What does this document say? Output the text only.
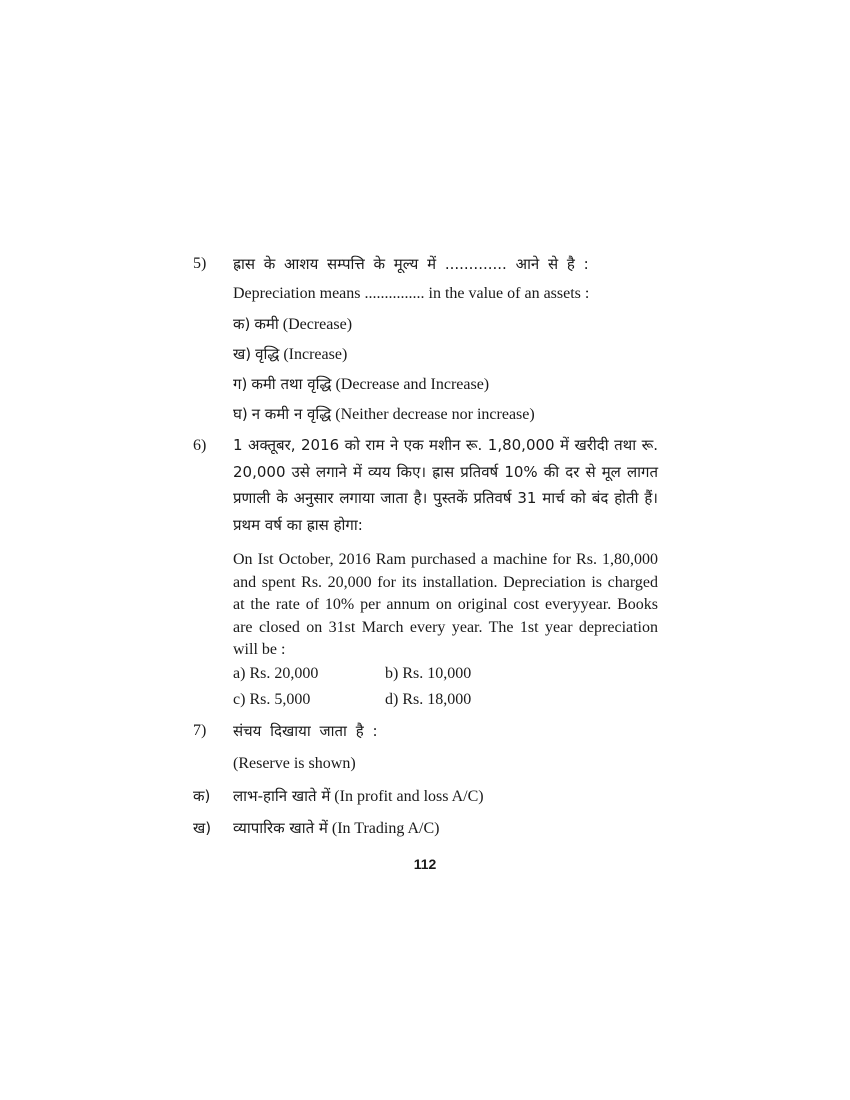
5) ह्रास के आशय सम्पत्ति के मूल्य में ............. आने से है :
Depreciation means ............... in the value of an assets :
क) कमी (Decrease)
ख) वृद्धि (Increase)
ग) कमी तथा वृद्धि (Decrease and Increase)
घ) न कमी न वृद्धि (Neither decrease nor increase)
6) 1 अक्तूबर, 2016 को राम ने एक मशीन रू. 1,80,000 में खरीदी तथा रू. 20,000 उसे लगाने में व्यय किए। ह्रास प्रतिवर्ष 10% की दर से मूल लागत प्रणाली के अनुसार लगाया जाता है। पुस्तकें प्रतिवर्ष 31 मार्च को बंद होती हैं। प्रथम वर्ष का ह्रास होगा:
On Ist October, 2016 Ram purchased a machine for Rs. 1,80,000 and spent Rs. 20,000 for its installation. Depreciation is charged at the rate of 10% per annum on original cost everyyear. Books are closed on 31st March every year. The 1st year depreciation will be :
a) Rs. 20,000	b) Rs. 10,000
c) Rs. 5,000	d) Rs. 18,000
7) संचय दिखाया जाता है :
(Reserve is shown)
क) लाभ-हानि खाते में (In profit and loss A/C)
ख) व्यापारिक खाते में (In Trading A/C)
112
